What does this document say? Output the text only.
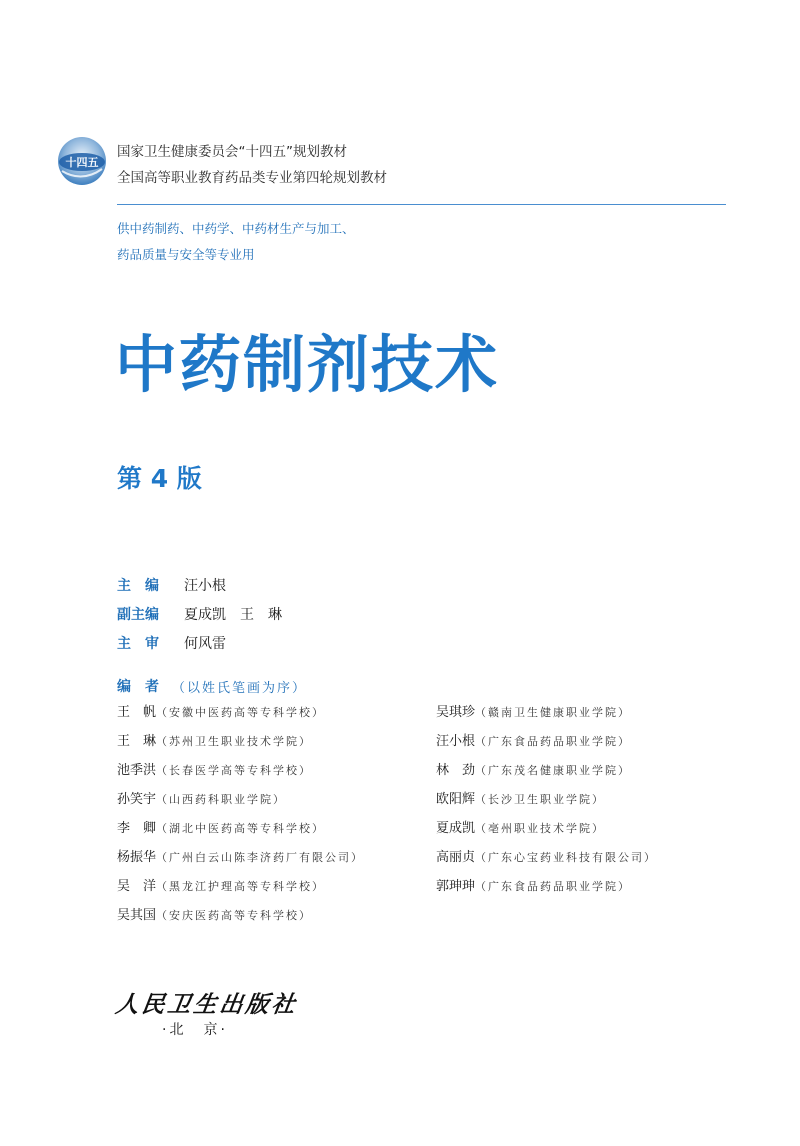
十四五
国家卫生健康委员会“十四五”规划教材
全国高等职业教育药品类专业第四轮规划教材
供中药制药、中药学、中药材生产与加工、
药品质量与安全等专业用
中药制剂技术
第 4 版
主　编 汪小根
副主编 夏成凯　王　琳
主　审 何风雷
编　者 （以姓氏笔画为序）
王　帆（安徽中医药高等专科学校）
王　琳（苏州卫生职业技术学院）
池季洪（长春医学高等专科学校）
孙笑宇（山西药科职业学院）
李　卿（湖北中医药高等专科学校）
杨振华（广州白云山陈李济药厂有限公司）
吴　洋（黑龙江护理高等专科学校）
吴其国（安庆医药高等专科学校）
吴琪珍（赣南卫生健康职业学院）
汪小根（广东食品药品职业学院）
林　劲（广东茂名健康职业学院）
欧阳辉（长沙卫生职业学院）
夏成凯（亳州职业技术学院）
高丽贞（广东心宝药业科技有限公司）
郭珅珅（广东食品药品职业学院）
人民卫生出版社
·北　京·
